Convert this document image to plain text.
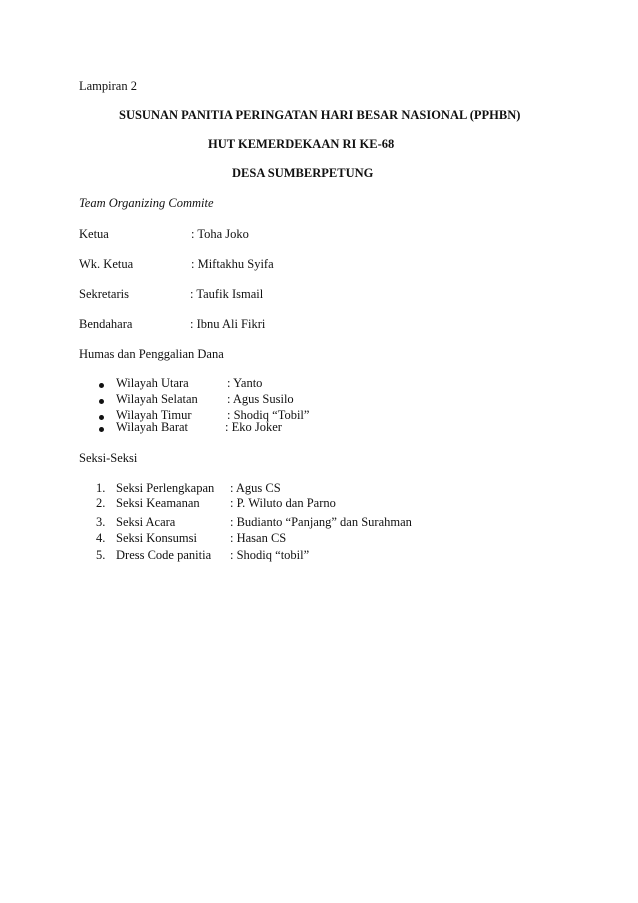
Lampiran 2
SUSUNAN PANITIA PERINGATAN HARI BESAR NASIONAL (PPHBN)
HUT KEMERDEKAAN RI KE-68
DESA SUMBERPETUNG
Team Organizing Commite
Ketua	: Toha Joko
Wk. Ketua	: Miftakhu Syifa
Sekretaris	: Taufik Ismail
Bendahara	: Ibnu Ali Fikri
Humas dan Penggalian Dana
Wilayah Utara	: Yanto
Wilayah Selatan : Agus Susilo
Wilayah Timur	: Shodiq “Tobil”
Wilayah Barat	: Eko Joker
Seksi-Seksi
1. Seksi Perlengkapan : Agus CS
2. Seksi Keamanan : P. Wiluto dan Parno
3. Seksi Acara	: Budianto “Panjang” dan Surahman
4. Seksi Konsumsi	: Hasan CS
5. Dress Code panitia : Shodiq “tobil”
